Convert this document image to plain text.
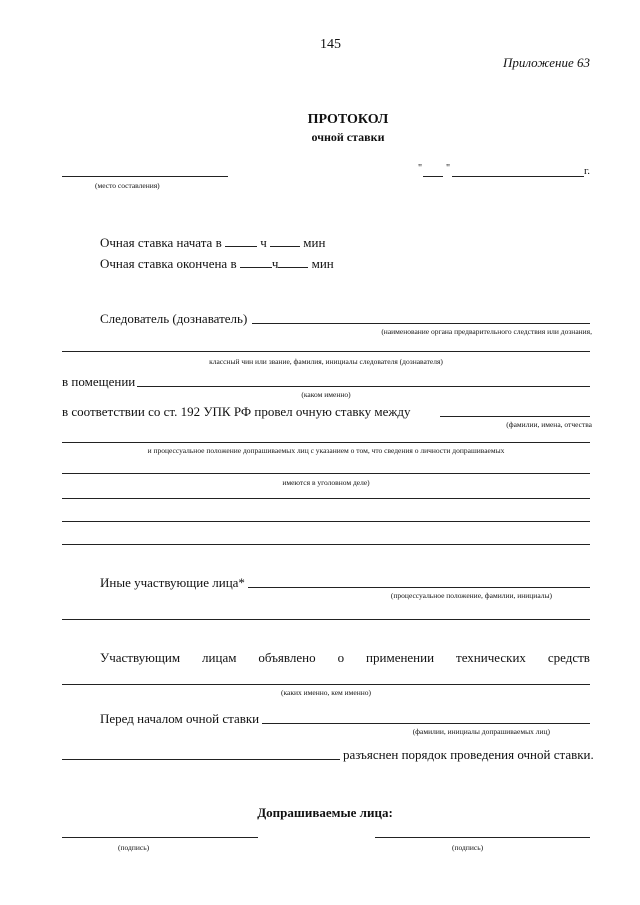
145
Приложение 63
ПРОТОКОЛ
очной ставки
(место составления)
" "	г.
Очная ставка начата в	ч	мин
Очная ставка окончена в	ч	мин
Следователь (дознаватель)
(наименование органа предварительного следствия или дознания,
классный чин или звание, фамилия, инициалы следователя (дознавателя)
в помещении
(каком именно)
в соответствии со ст. 192 УПК РФ провел очную ставку между
(фамилии, имена, отчества
и процессуальное положение допрашиваемых лиц с указанием о том, что сведения о личности допрашиваемых
имеются в уголовном деле)
Иные участвующие лица*
(процессуальное положение, фамилии, инициалы)
Участвующим лицам объявлено о применении технических средств
(каких именно, кем именно)
Перед началом очной ставки
(фамилии, инициалы допрашиваемых лиц)
разъяснен порядок проведения очной ставки.
Допрашиваемые лица:
(подпись)	(подпись)
